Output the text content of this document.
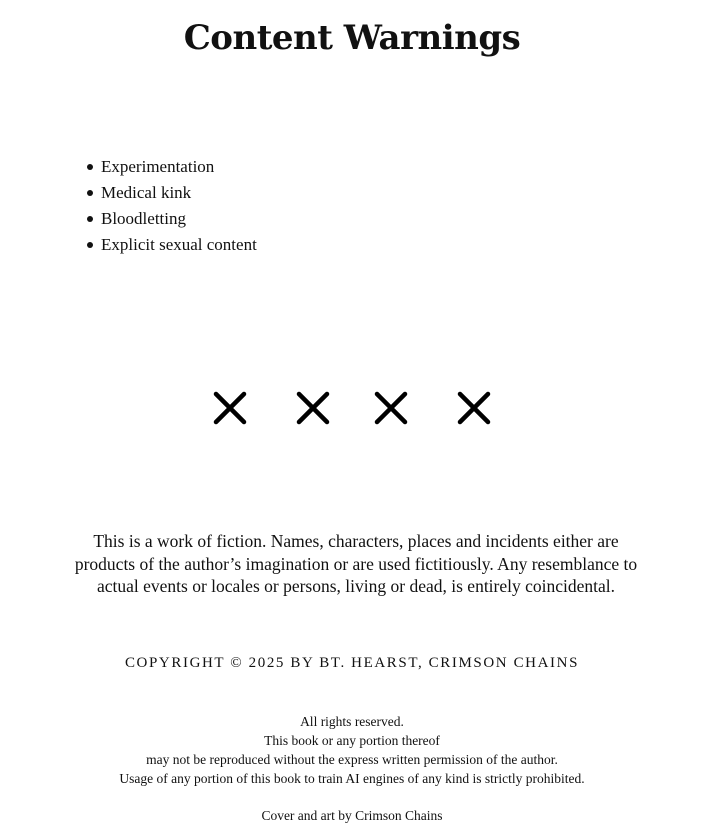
Content Warnings
Experimentation
Medical kink
Bloodletting
Explicit sexual content

This is a work of fiction. Names, characters, places and incidents either are products of the author’s imagination or are used fictitiously. Any resemblance to actual events or locales or persons, living or dead, is entirely coincidental.

COPYRIGHT © 2025 BY BT. HEARST, CRIMSON CHAINS

All rights reserved.
This book or any portion thereof
may not be reproduced without the express written permission of the author.
Usage of any portion of this book to train AI engines of any kind is strictly prohibited.

Cover and art by Crimson Chains
